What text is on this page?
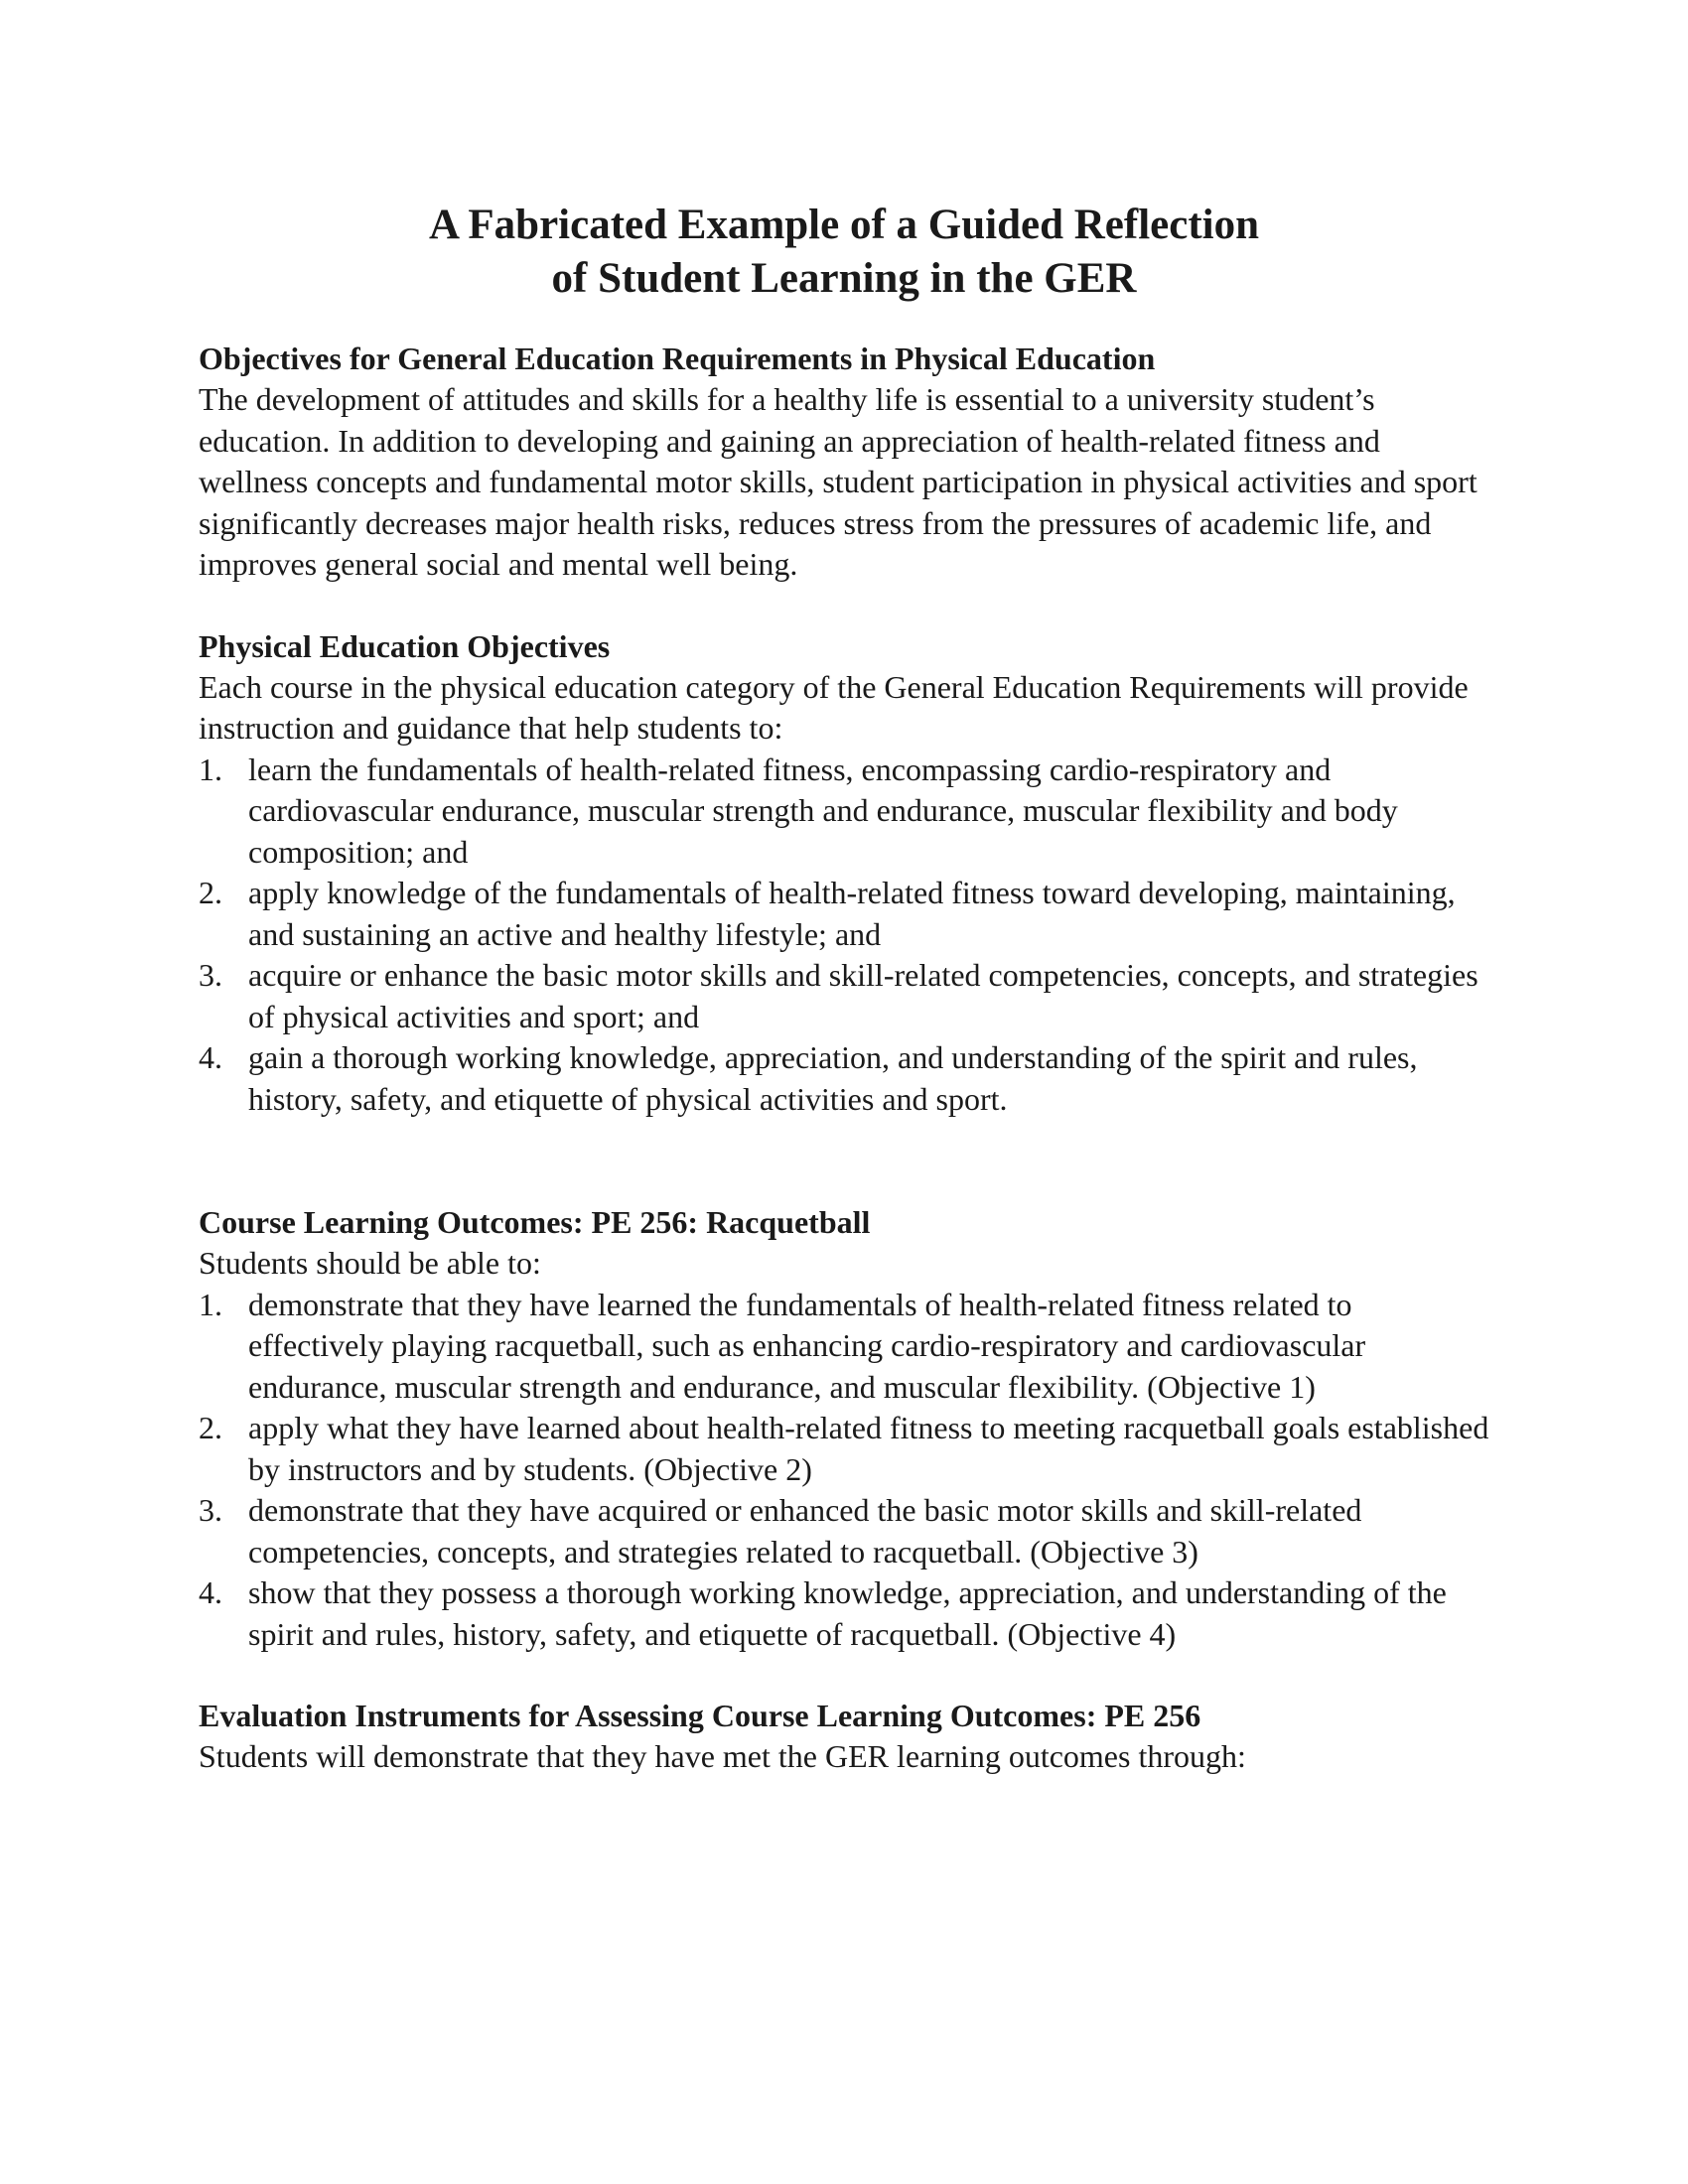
A Fabricated Example of a Guided Reflection
of Student Learning in the GER
Objectives for General Education Requirements in Physical Education

The development of attitudes and skills for a healthy life is essential to a university student’s education. In addition to developing and gaining an appreciation of health-related fitness and wellness concepts and fundamental motor skills, student participation in physical activities and sport significantly decreases major health risks, reduces stress from the pressures of academic life, and improves general social and mental well being.

Physical Education Objectives

Each course in the physical education category of the General Education Requirements will provide instruction and guidance that help students to:

1. learn the fundamentals of health-related fitness, encompassing cardio-respiratory and cardiovascular endurance, muscular strength and endurance, muscular flexibility and body composition; and
2. apply knowledge of the fundamentals of health-related fitness toward developing, maintaining, and sustaining an active and healthy lifestyle; and
3. acquire or enhance the basic motor skills and skill-related competencies, concepts, and strategies of physical activities and sport; and
4. gain a thorough working knowledge, appreciation, and understanding of the spirit and rules, history, safety, and etiquette of physical activities and sport.
Course Learning Outcomes: PE 256: Racquetball

Students should be able to:

1. demonstrate that they have learned the fundamentals of health-related fitness related to effectively playing racquetball, such as enhancing cardio-respiratory and cardiovascular endurance, muscular strength and endurance, and muscular flexibility. (Objective 1)
2. apply what they have learned about health-related fitness to meeting racquetball goals established by instructors and by students. (Objective 2)
3. demonstrate that they have acquired or enhanced the basic motor skills and skill-related competencies, concepts, and strategies related to racquetball. (Objective 3)
4. show that they possess a thorough working knowledge, appreciation, and understanding of the spirit and rules, history, safety, and etiquette of racquetball. (Objective 4)
Evaluation Instruments for Assessing Course Learning Outcomes: PE 256

Students will demonstrate that they have met the GER learning outcomes through:
